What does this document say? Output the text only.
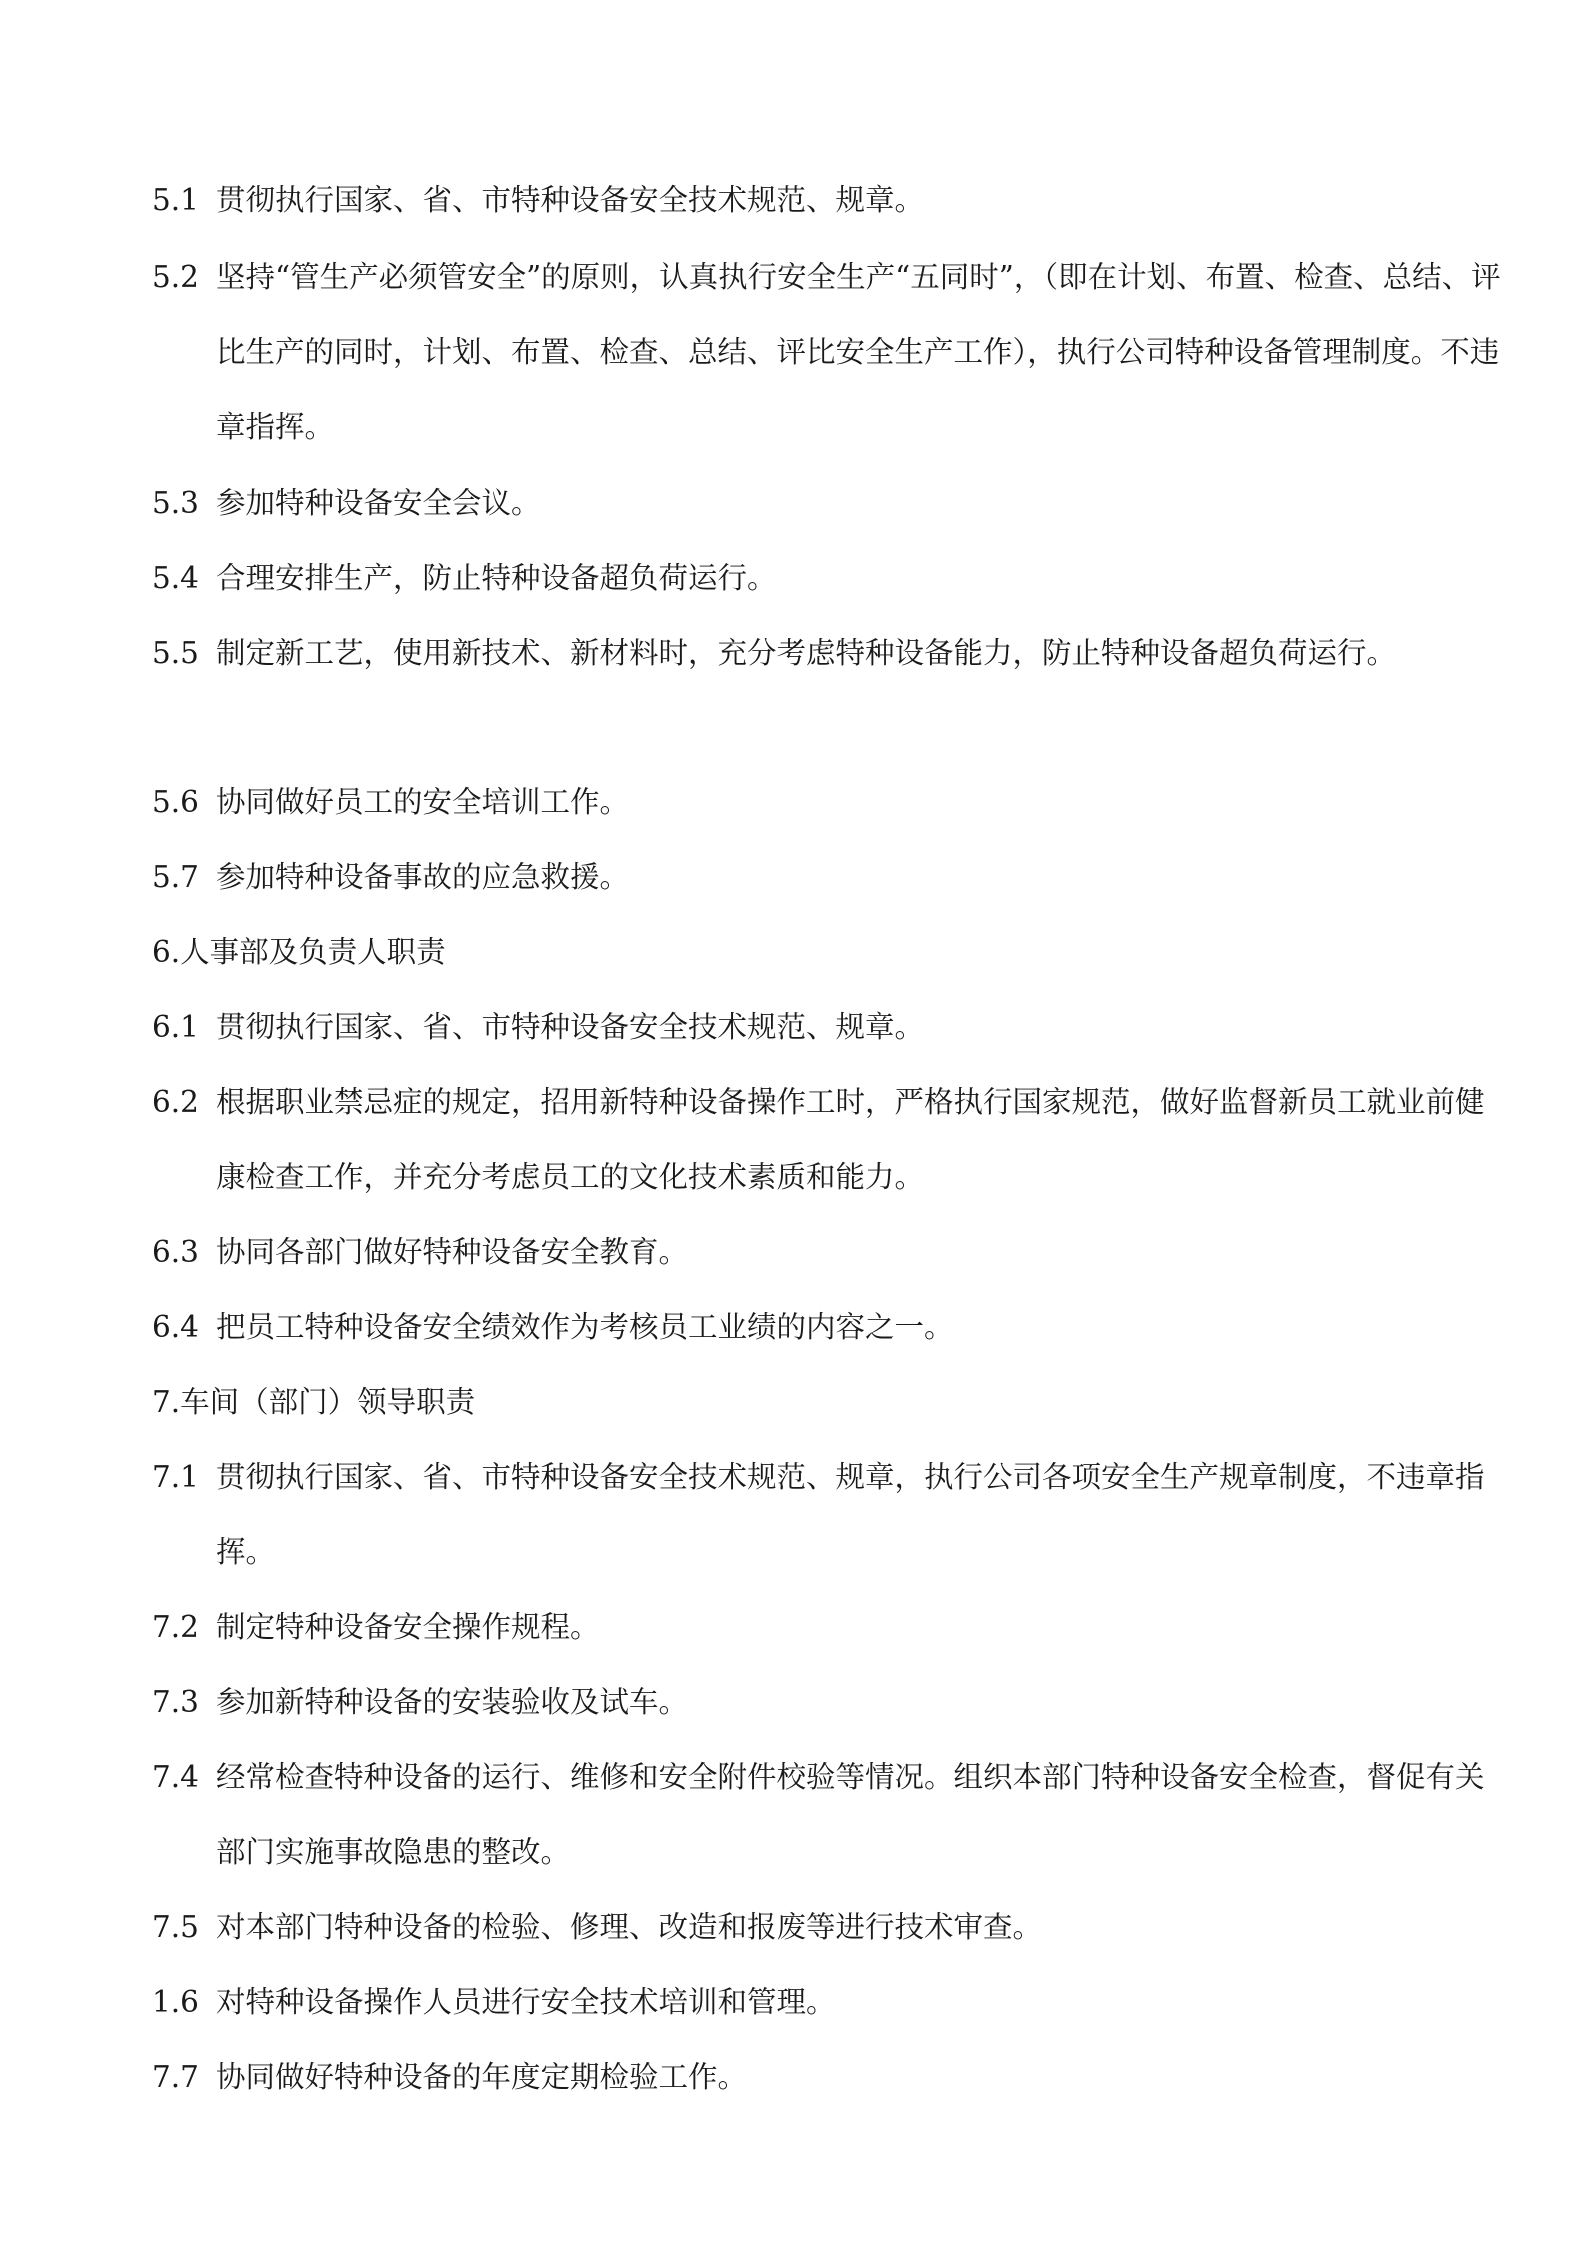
5.1 贯彻执行国家、省、市特种设备安全技术规范、规章。

5.2 坚持“管生产必须管安全”的原则，认真执行安全生产“五同时”，（即在计划、布置、检查、总结、评比生产的同时，计划、布置、检查、总结、评比安全生产工作），执行公司特种设备管理制度。不违章指挥。

5.3 参加特种设备安全会议。

5.4 合理安排生产，防止特种设备超负荷运行。

5.5 制定新工艺，使用新技术、新材料时，充分考虑特种设备能力，防止特种设备超负荷运行。

5.6 协同做好员工的安全培训工作。

5.7 参加特种设备事故的应急救援。

6.人事部及负责人职责

6.1 贯彻执行国家、省、市特种设备安全技术规范、规章。

6.2 根据职业禁忌症的规定，招用新特种设备操作工时，严格执行国家规范，做好监督新员工就业前健康检查工作，并充分考虑员工的文化技术素质和能力。

6.3 协同各部门做好特种设备安全教育。

6.4 把员工特种设备安全绩效作为考核员工业绩的内容之一。

7.车间（部门）领导职责

7.1 贯彻执行国家、省、市特种设备安全技术规范、规章，执行公司各项安全生产规章制度，不违章指挥。

7.2 制定特种设备安全操作规程。

7.3 参加新特种设备的安装验收及试车。

7.4 经常检查特种设备的运行、维修和安全附件校验等情况。组织本部门特种设备安全检查，督促有关部门实施事故隐患的整改。

7.5 对本部门特种设备的检验、修理、改造和报废等进行技术审查。

1.6 对特种设备操作人员进行安全技术培训和管理。

7.7 协同做好特种设备的年度定期检验工作。
